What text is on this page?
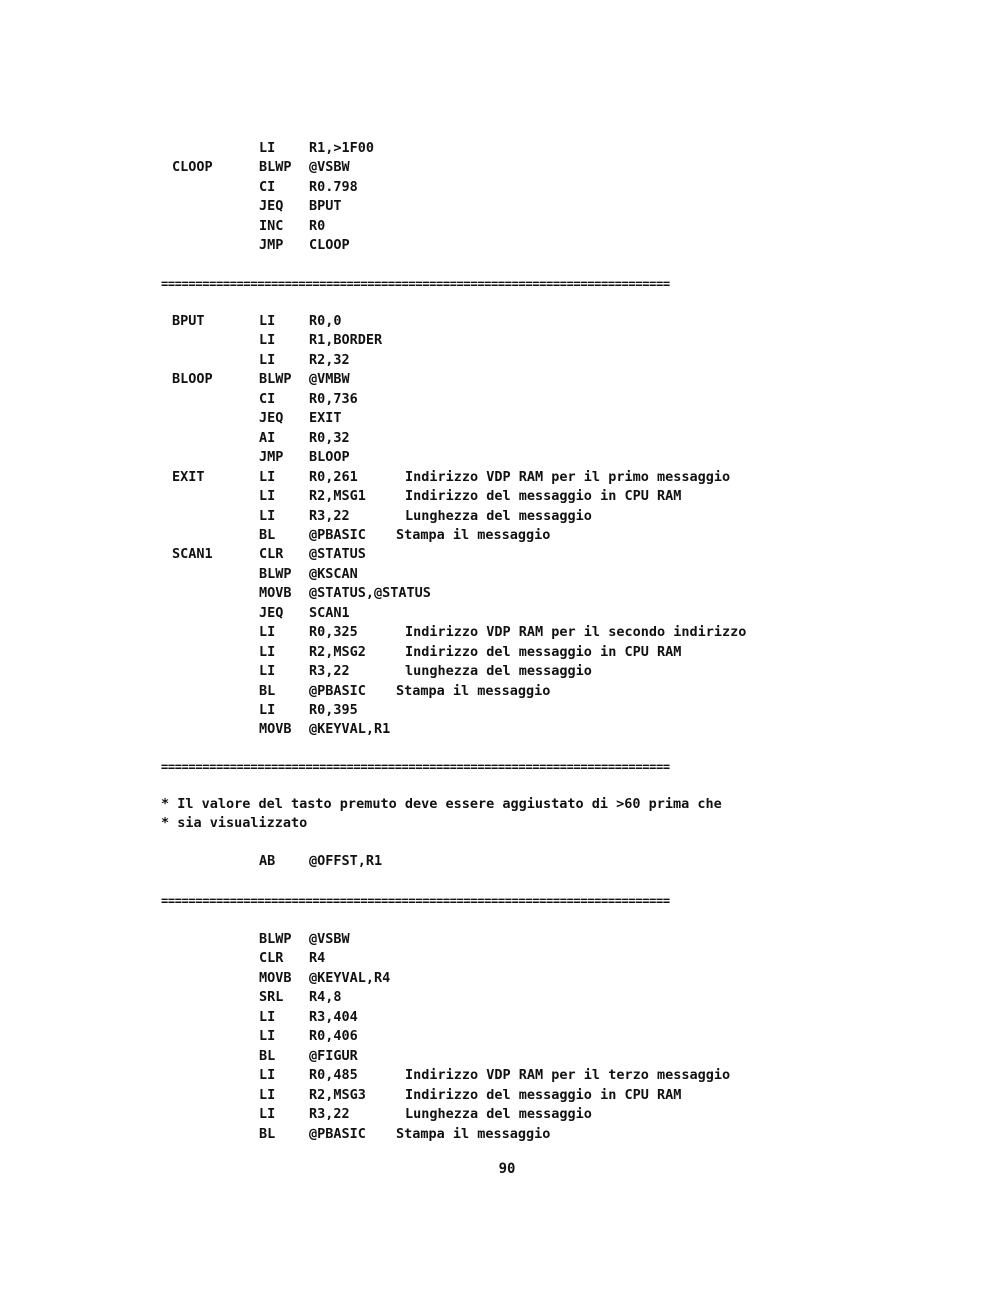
LI R1,>1F00
CLOOP	BLWP @VSBW
CI R0.798
JEQ BPUT
INC R0
JMP CLOOP
==========================================================================
BPUT	LI R0,0
LI R1,BORDER
LI R2,32
BLOOP	BLWP @VMBW
CI R0,736
JEQ EXIT
AI R0,32
JMP BLOOP
EXIT	LI R0,261	Indirizzo VDP RAM per il primo messaggio
LI R2,MSG1	Indirizzo del messaggio in CPU RAM
LI R3,22	Lunghezza del messaggio
BL @PBASIC Stampa il messaggio
SCAN1	CLR @STATUS
BLWP @KSCAN
MOVB @STATUS,@STATUS
JEQ SCAN1
LI R0,325	Indirizzo VDP RAM per il secondo indirizzo
LI R2,MSG2	Indirizzo del messaggio in CPU RAM
LI R3,22	lunghezza del messaggio
BL @PBASIC Stampa il messaggio
LI R0,395
MOVB @KEYVAL,R1
==========================================================================
* Il valore del tasto premuto deve essere aggiustato di >60 prima che
* sia visualizzato
AB @OFFST,R1
==========================================================================
BLWP @VSBW
CLR R4
MOVB @KEYVAL,R4
SRL R4,8
LI R3,404
LI R0,406
BL @FIGUR
LI R0,485	Indirizzo VDP RAM per il terzo messaggio
LI R2,MSG3	Indirizzo del messaggio in CPU RAM
LI R3,22	Lunghezza del messaggio
BL @PBASIC Stampa il messaggio
90
